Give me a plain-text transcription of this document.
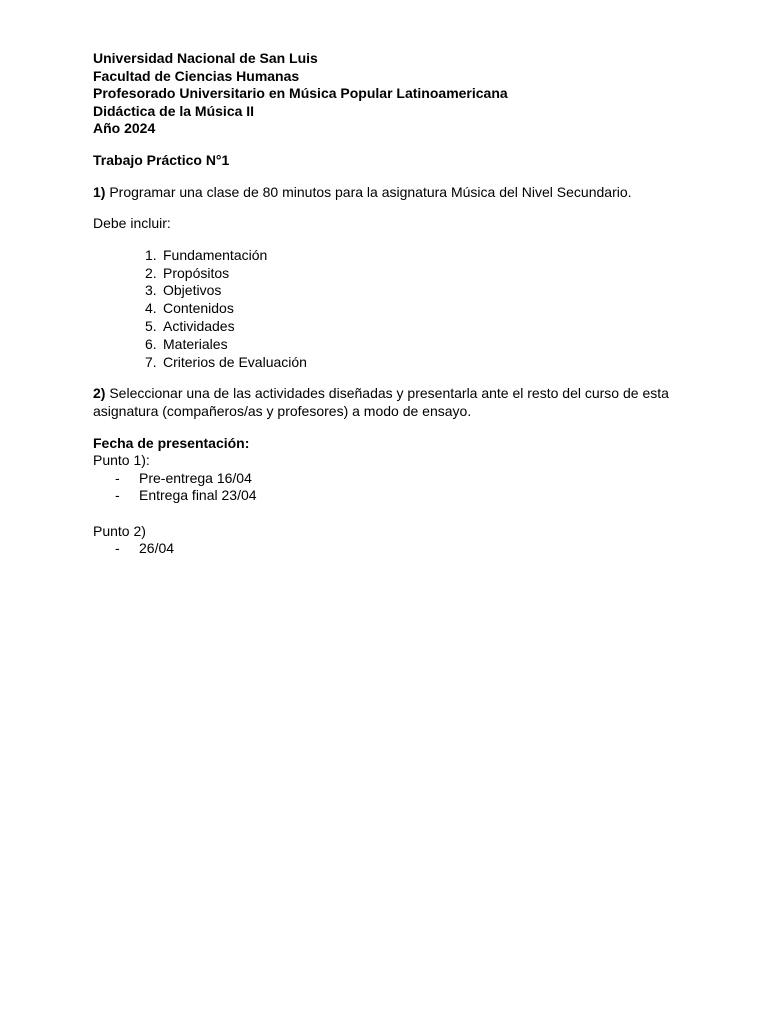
Universidad Nacional de San Luis
Facultad de Ciencias Humanas
Profesorado Universitario en Música Popular Latinoamericana
Didáctica de la Música II
Año 2024
Trabajo Práctico N°1
1) Programar una clase de 80 minutos para la asignatura Música del Nivel Secundario.
Debe incluir:
1. Fundamentación
2. Propósitos
3. Objetivos
4. Contenidos
5. Actividades
6. Materiales
7. Criterios de Evaluación
2) Seleccionar una de las actividades diseñadas y presentarla ante el resto del curso de esta asignatura (compañeros/as y profesores) a modo de ensayo.
Fecha de presentación:
Punto 1):
-	Pre-entrega 16/04
-	Entrega final 23/04
Punto 2)
-	26/04
